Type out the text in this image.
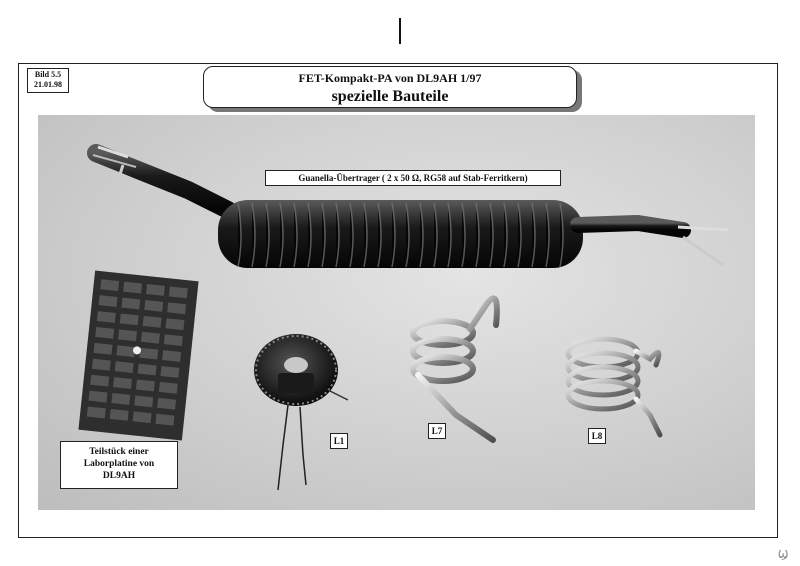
Bild 5.5
21.01.98	FET-Kompakt-PA von DL9AH 1/97
spezielle Bauteile
Guanella-Übertrager ( 2 x 50 Ω, RG58 auf Stab-Ferritkern)
Teilstück einer
Laborplatine von
DL9AH
L1
L7	L8
Ϣ
